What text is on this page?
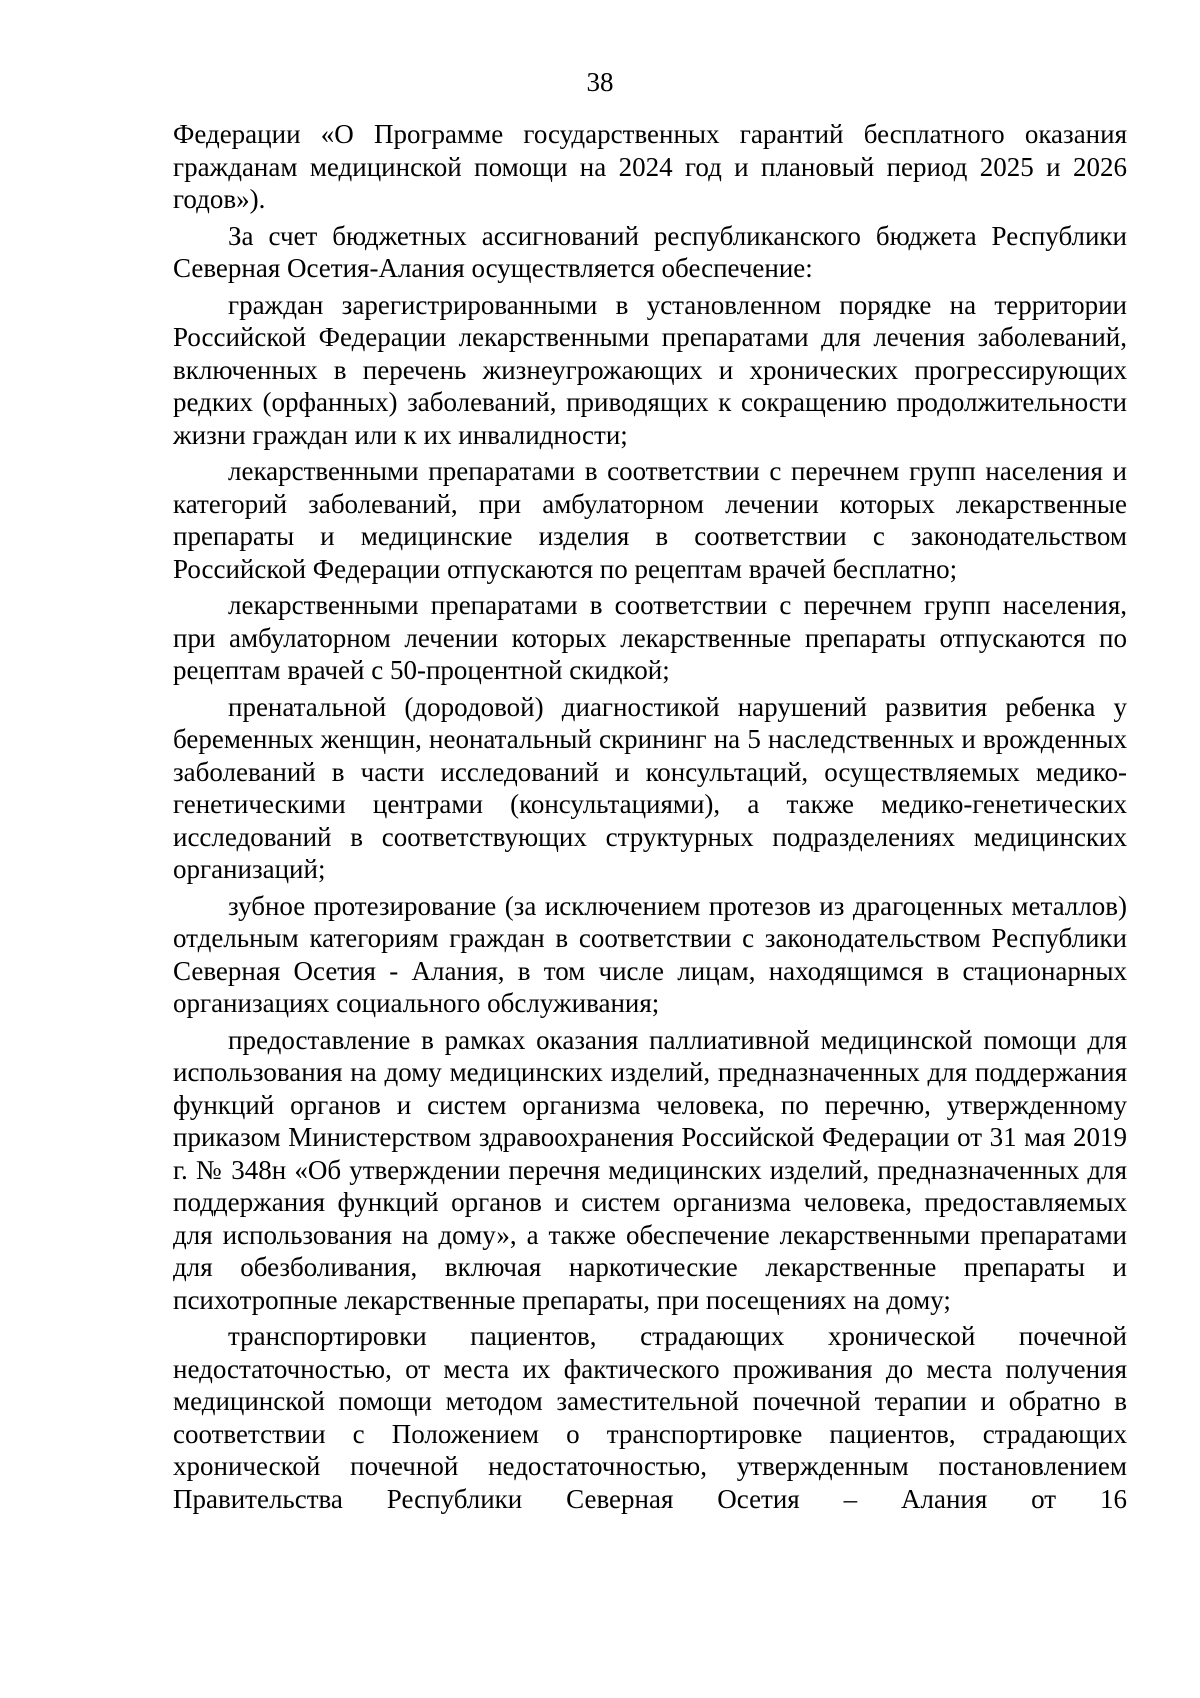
38

Федерации «О Программе государственных гарантий бесплатного оказания гражданам медицинской помощи на 2024 год и плановый период 2025 и 2026 годов»).

За счет бюджетных ассигнований республиканского бюджета Республики Северная Осетия-Алания осуществляется обеспечение:

граждан зарегистрированными в установленном порядке на территории Российской Федерации лекарственными препаратами для лечения заболеваний, включенных в перечень жизнеугрожающих и хронических прогрессирующих редких (орфанных) заболеваний, приводящих к сокращению продолжительности жизни граждан или к их инвалидности;

лекарственными препаратами в соответствии с перечнем групп населения и категорий заболеваний, при амбулаторном лечении которых лекарственные препараты и медицинские изделия в соответствии с законодательством Российской Федерации отпускаются по рецептам врачей бесплатно;

лекарственными препаратами в соответствии с перечнем групп населения, при амбулаторном лечении которых лекарственные препараты отпускаются по рецептам врачей с 50-процентной скидкой;

пренатальной (дородовой) диагностикой нарушений развития ребенка у беременных женщин, неонатальный скрининг на 5 наследственных и врожденных заболеваний в части исследований и консультаций, осуществляемых медико-генетическими центрами (консультациями), а также медико-генетических исследований в соответствующих структурных подразделениях медицинских организаций;

зубное протезирование (за исключением протезов из драгоценных металлов) отдельным категориям граждан в соответствии с законодательством Республики Северная Осетия - Алания, в том числе лицам, находящимся в стационарных организациях социального обслуживания;

предоставление в рамках оказания паллиативной медицинской помощи для использования на дому медицинских изделий, предназначенных для поддержания функций органов и систем организма человека, по перечню, утвержденному приказом Министерством здравоохранения Российской Федерации от 31 мая 2019 г. № 348н «Об утверждении перечня медицинских изделий, предназначенных для поддержания функций органов и систем организма человека, предоставляемых для использования на дому», а также обеспечение лекарственными препаратами для обезболивания, включая наркотические лекарственные препараты и психотропные лекарственные препараты, при посещениях на дому;

транспортировки пациентов, страдающих хронической почечной недостаточностью, от места их фактического проживания до места получения медицинской помощи методом заместительной почечной терапии и обратно в соответствии с Положением о транспортировке пациентов, страдающих хронической почечной недостаточностью, утвержденным постановлением Правительства Республики Северная Осетия – Алания от 16
